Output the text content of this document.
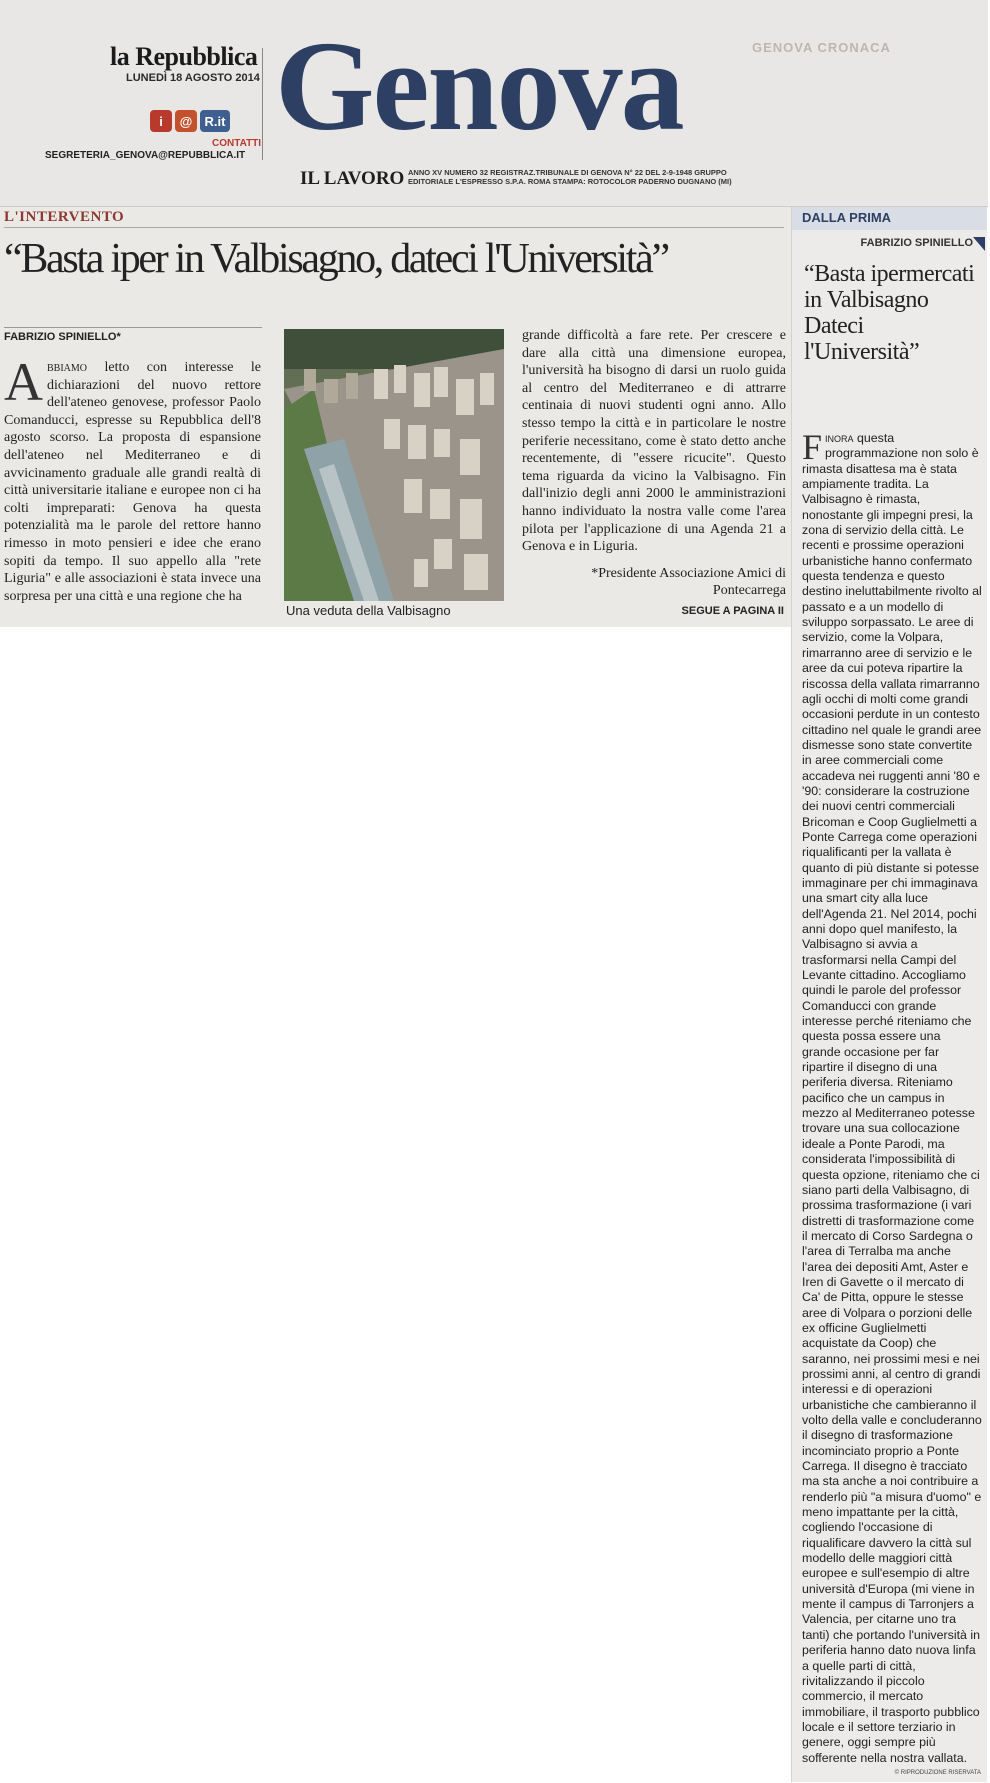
GENOVA CRONACA
la Repubblica
LUNEDÌ 18 AGOSTO 2014
i	@ R.it
CONTATTI
SEGRETERIA_GENOVA@REPUBBLICA.IT Genova
IL LAVORO ANNO XV NUMERO 32 REGISTRAZ.TRIBUNALE DI GENOVA N° 22 DEL 2-9-1948 GRUPPO EDITORIALE L'ESPRESSO S.P.A. ROMA STAMPA: ROTOCOLOR PADERNO DUGNANO (MI)
L'INTERVENTO
“Basta iper in Valbisagno, dateci l'Università”
FABRIZIO SPINIELLO*
Abbiamo letto con interesse le dichiarazioni del nuovo rettore dell'ateneo genovese, professor Paolo Comanducci, espresse su Repubblica dell'8 agosto scorso. La proposta di espansione dell'ateneo nel Mediterraneo e di avvicinamento graduale alle grandi realtà di città universitarie italiane e europee non ci ha colti impreparati: Genova ha questa potenzialità ma le parole del rettore hanno rimesso in moto pensieri e idee che erano sopiti da tempo. Il suo appello alla "rete Liguria" e alle associazioni è stata invece una sorpresa per una città e una regione che ha
Una veduta della Valbisagno
grande difficoltà a fare rete. Per crescere e dare alla città una dimensione europea, l'università ha bisogno di darsi un ruolo guida al centro del Mediterraneo e di attrarre centinaia di nuovi studenti ogni anno. Allo stesso tempo la città e in particolare le nostre periferie necessitano, come è stato detto anche recentemente, di "essere ricucite". Questo tema riguarda da vicino la Valbisagno. Fin dall'inizio degli anni 2000 le amministrazioni hanno individuato la nostra valle come l'area pilota per l'applicazione di una Agenda 21 a Genova e in Liguria.
*Presidente Associazione Amici di Pontecarrega
SEGUE A PAGINA II
DALLA PRIMA
FABRIZIO SPINIELLO
“Basta ipermercati in Valbisagno Dateci l'Università”
Finora questa programmazione non solo è rimasta disattesa ma è stata ampiamente tradita. La Valbisagno è rimasta, nonostante gli impegni presi, la zona di servizio della città. Le recenti e prossime operazioni urbanistiche hanno confermato questa tendenza e questo destino ineluttabilmente rivolto al passato e a un modello di sviluppo sorpassato. Le aree di servizio, come la Volpara, rimarranno aree di servizio e le aree da cui poteva ripartire la riscossa della vallata rimarranno agli occhi di molti come grandi occasioni perdute in un contesto cittadino nel quale le grandi aree dismesse sono state convertite in aree commerciali come accadeva nei ruggenti anni '80 e '90: considerare la costruzione dei nuovi centri commerciali Bricoman e Coop Guglielmetti a Ponte Carrega come operazioni riqualificanti per la vallata è quanto di più distante si potesse immaginare per chi immaginava una smart city alla luce dell'Agenda 21. Nel 2014, pochi anni dopo quel manifesto, la Valbisagno si avvia a trasformarsi nella Campi del Levante cittadino. Accogliamo quindi le parole del professor Comanducci con grande interesse perché riteniamo che questa possa essere una grande occasione per far ripartire il disegno di una periferia diversa. Riteniamo pacifico che un campus in mezzo al Mediterraneo potesse trovare una sua collocazione ideale a Ponte Parodi, ma considerata l'impossibilità di questa opzione, riteniamo che ci siano parti della Valbisagno, di prossima trasformazione (i vari distretti di trasformazione come il mercato di Corso Sardegna o l'area di Terralba ma anche l'area dei depositi Amt, Aster e Iren di Gavette o il mercato di Ca' de Pitta, oppure le stesse aree di Volpara o porzioni delle ex officine Guglielmetti acquistate da Coop) che saranno, nei prossimi mesi e nei prossimi anni, al centro di grandi interessi e di operazioni urbanistiche che cambieranno il volto della valle e concluderanno il disegno di trasformazione incominciato proprio a Ponte Carrega. Il disegno è tracciato ma sta anche a noi contribuire a renderlo più "a misura d'uomo" e meno impattante per la città, cogliendo l'occasione di riqualificare davvero la città sul modello delle maggiori città europee e sull'esempio di altre università d'Europa (mi viene in mente il campus di Tarronjers a Valencia, per citarne uno tra tanti) che portando l'università in periferia hanno dato nuova linfa a quelle parti di città, rivitalizzando il piccolo commercio, il mercato immobiliare, il trasporto pubblico locale e il settore terziario in genere, oggi sempre più sofferente nella nostra vallata.
© RIPRODUZIONE RISERVATA
